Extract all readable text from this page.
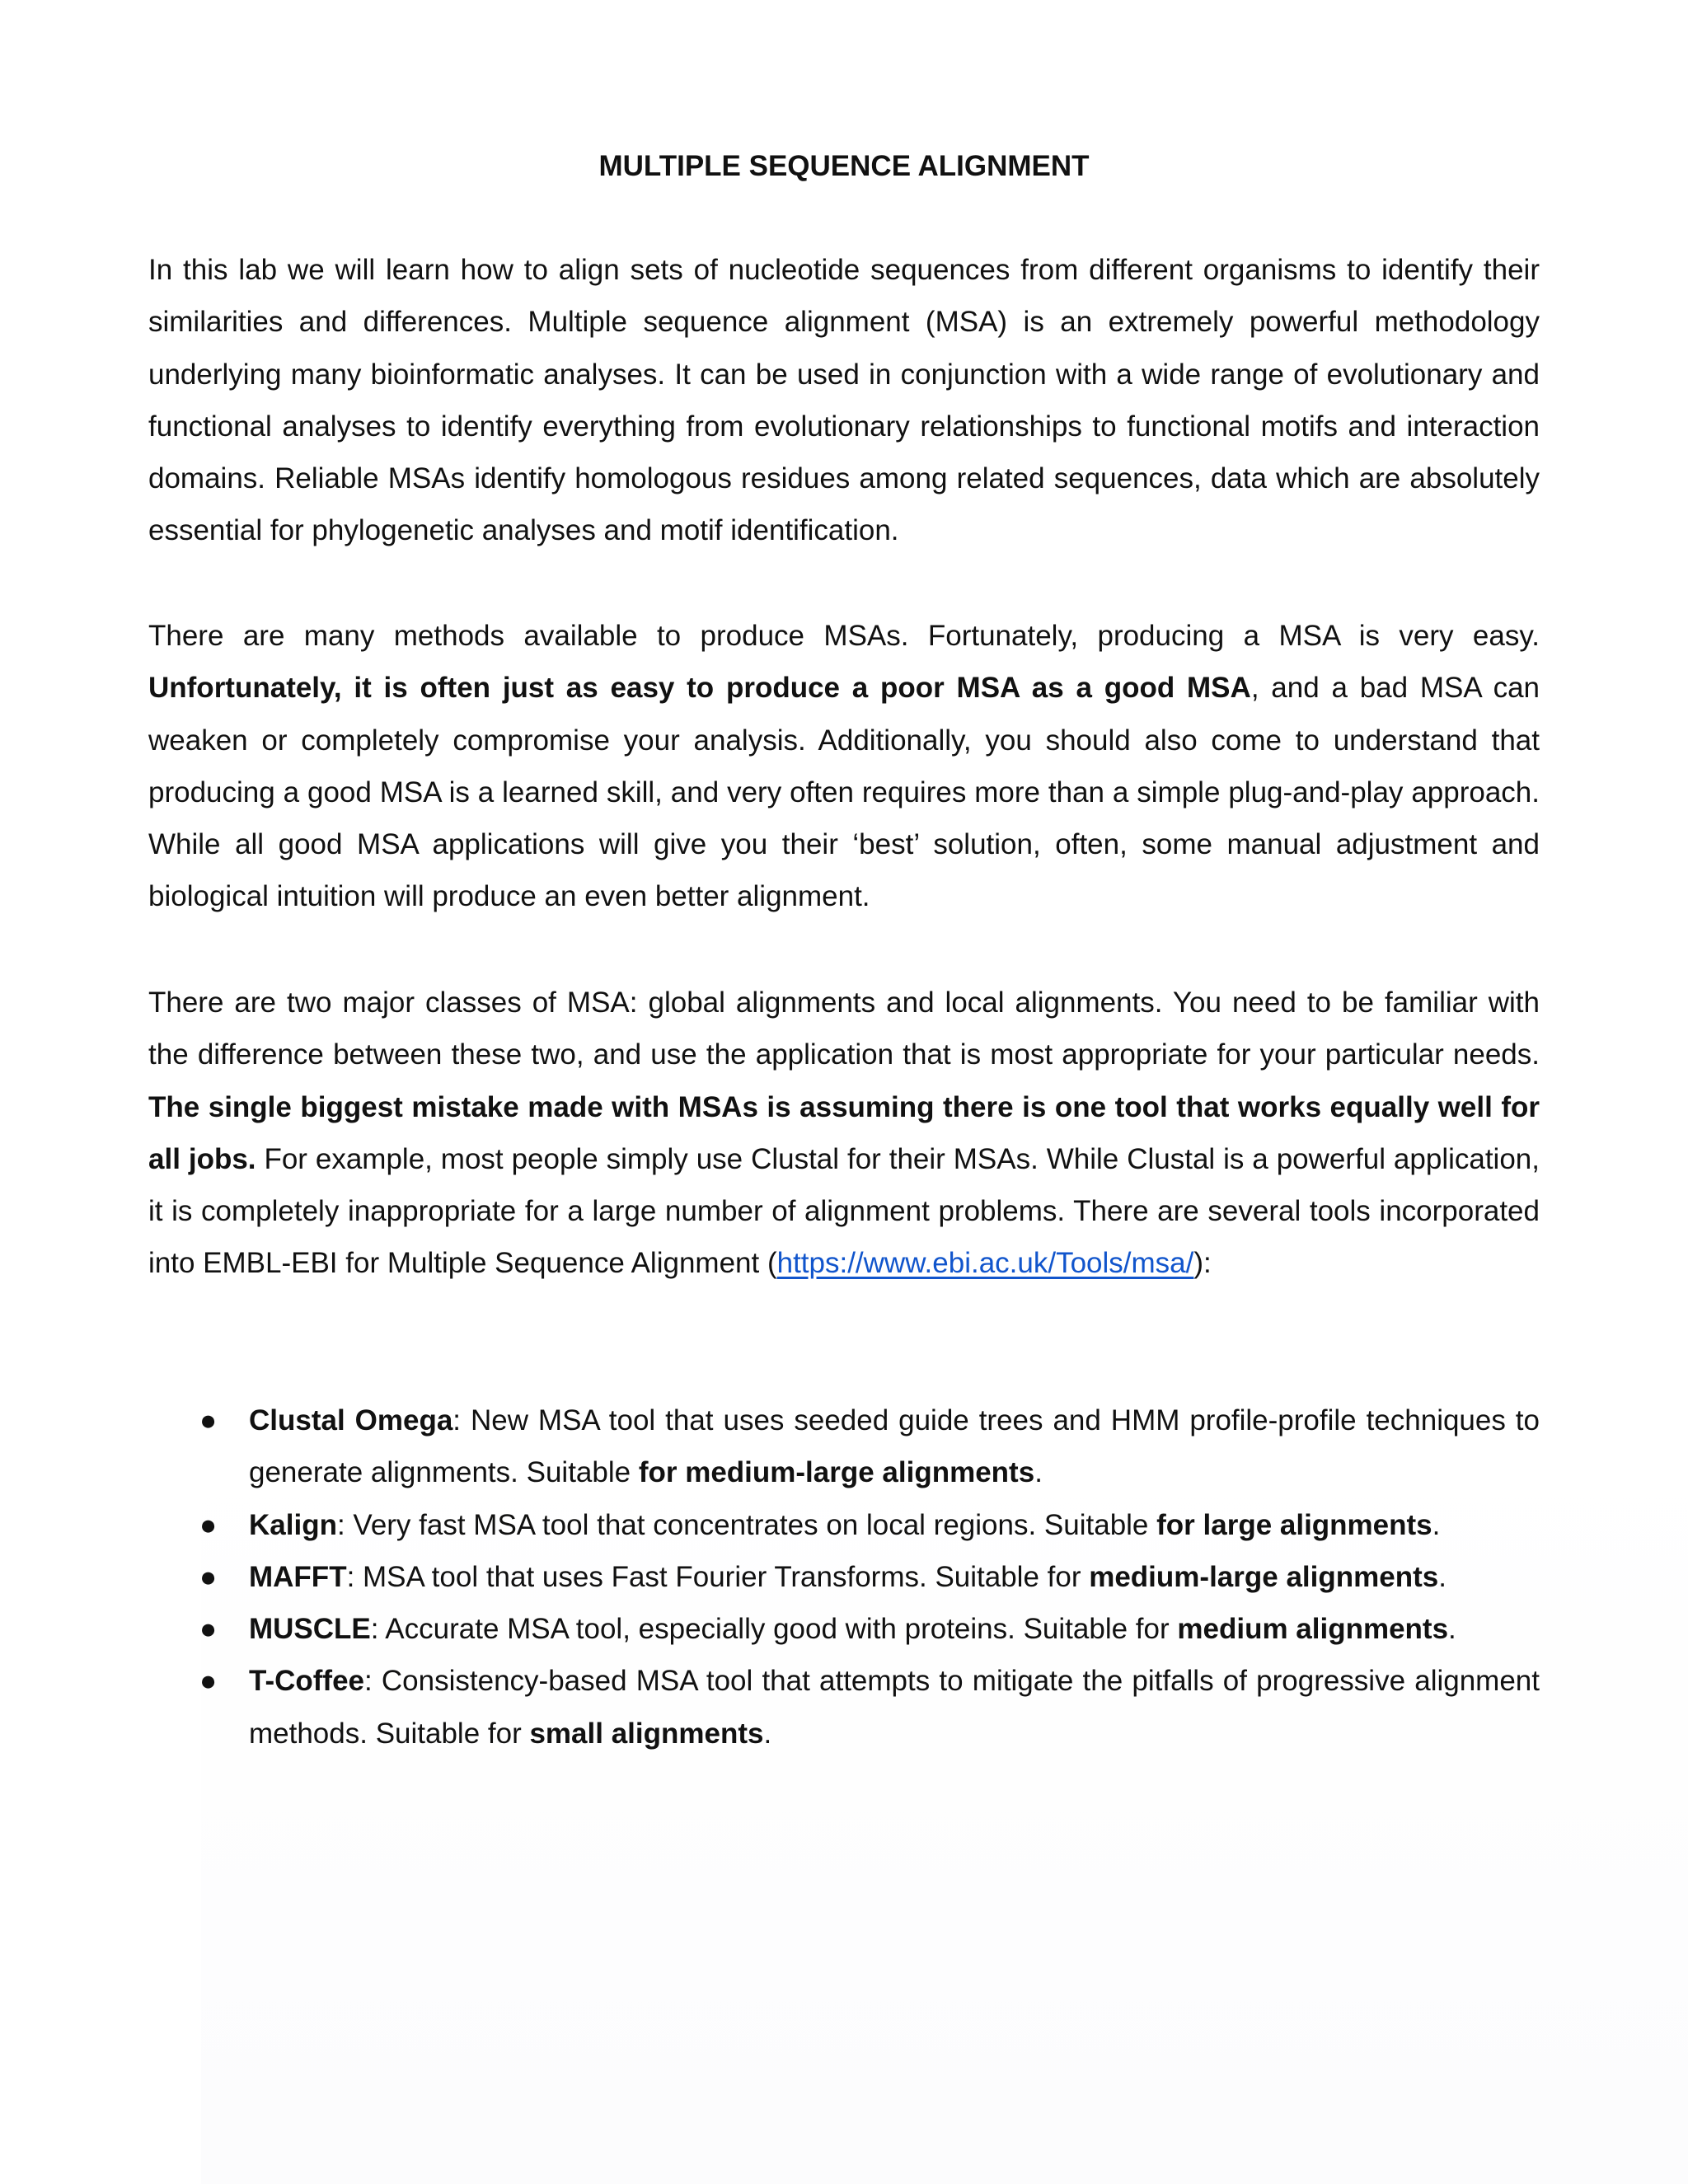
MULTIPLE SEQUENCE ALIGNMENT

In this lab we will learn how to align sets of nucleotide sequences from different organisms to identify their similarities and differences. Multiple sequence alignment (MSA) is an extremely powerful methodology underlying many bioinformatic analyses. It can be used in conjunction with a wide range of evolutionary and functional analyses to identify everything from evolutionary relationships to functional motifs and interaction domains. Reliable MSAs identify homologous residues among related sequences, data which are absolutely essential for phylogenetic analyses and motif identification.

There are many methods available to produce MSAs. Fortunately, producing a MSA is very easy. Unfortunately, it is often just as easy to produce a poor MSA as a good MSA, and a bad MSA can weaken or completely compromise your analysis. Additionally, you should also come to understand that producing a good MSA is a learned skill, and very often requires more than a simple plug-and-play approach. While all good MSA applications will give you their ‘best’ solution, often, some manual adjustment and biological intuition will produce an even better alignment.

There are two major classes of MSA: global alignments and local alignments. You need to be familiar with the difference between these two, and use the application that is most appropriate for your particular needs. The single biggest mistake made with MSAs is assuming there is one tool that works equally well for all jobs. For example, most people simply use Clustal for their MSAs. While Clustal is a powerful application, it is completely inappropriate for a large number of alignment problems. There are several tools incorporated into EMBL-EBI for Multiple Sequence Alignment (https://www.ebi.ac.uk/Tools/msa/):

● Clustal Omega: New MSA tool that uses seeded guide trees and HMM profile-profile techniques to generate alignments. Suitable for medium-large alignments.
● Kalign: Very fast MSA tool that concentrates on local regions. Suitable for large alignments.
● MAFFT: MSA tool that uses Fast Fourier Transforms. Suitable for medium-large alignments.
● MUSCLE: Accurate MSA tool, especially good with proteins. Suitable for medium alignments.
● T-Coffee: Consistency-based MSA tool that attempts to mitigate the pitfalls of progressive alignment methods. Suitable for small alignments.
